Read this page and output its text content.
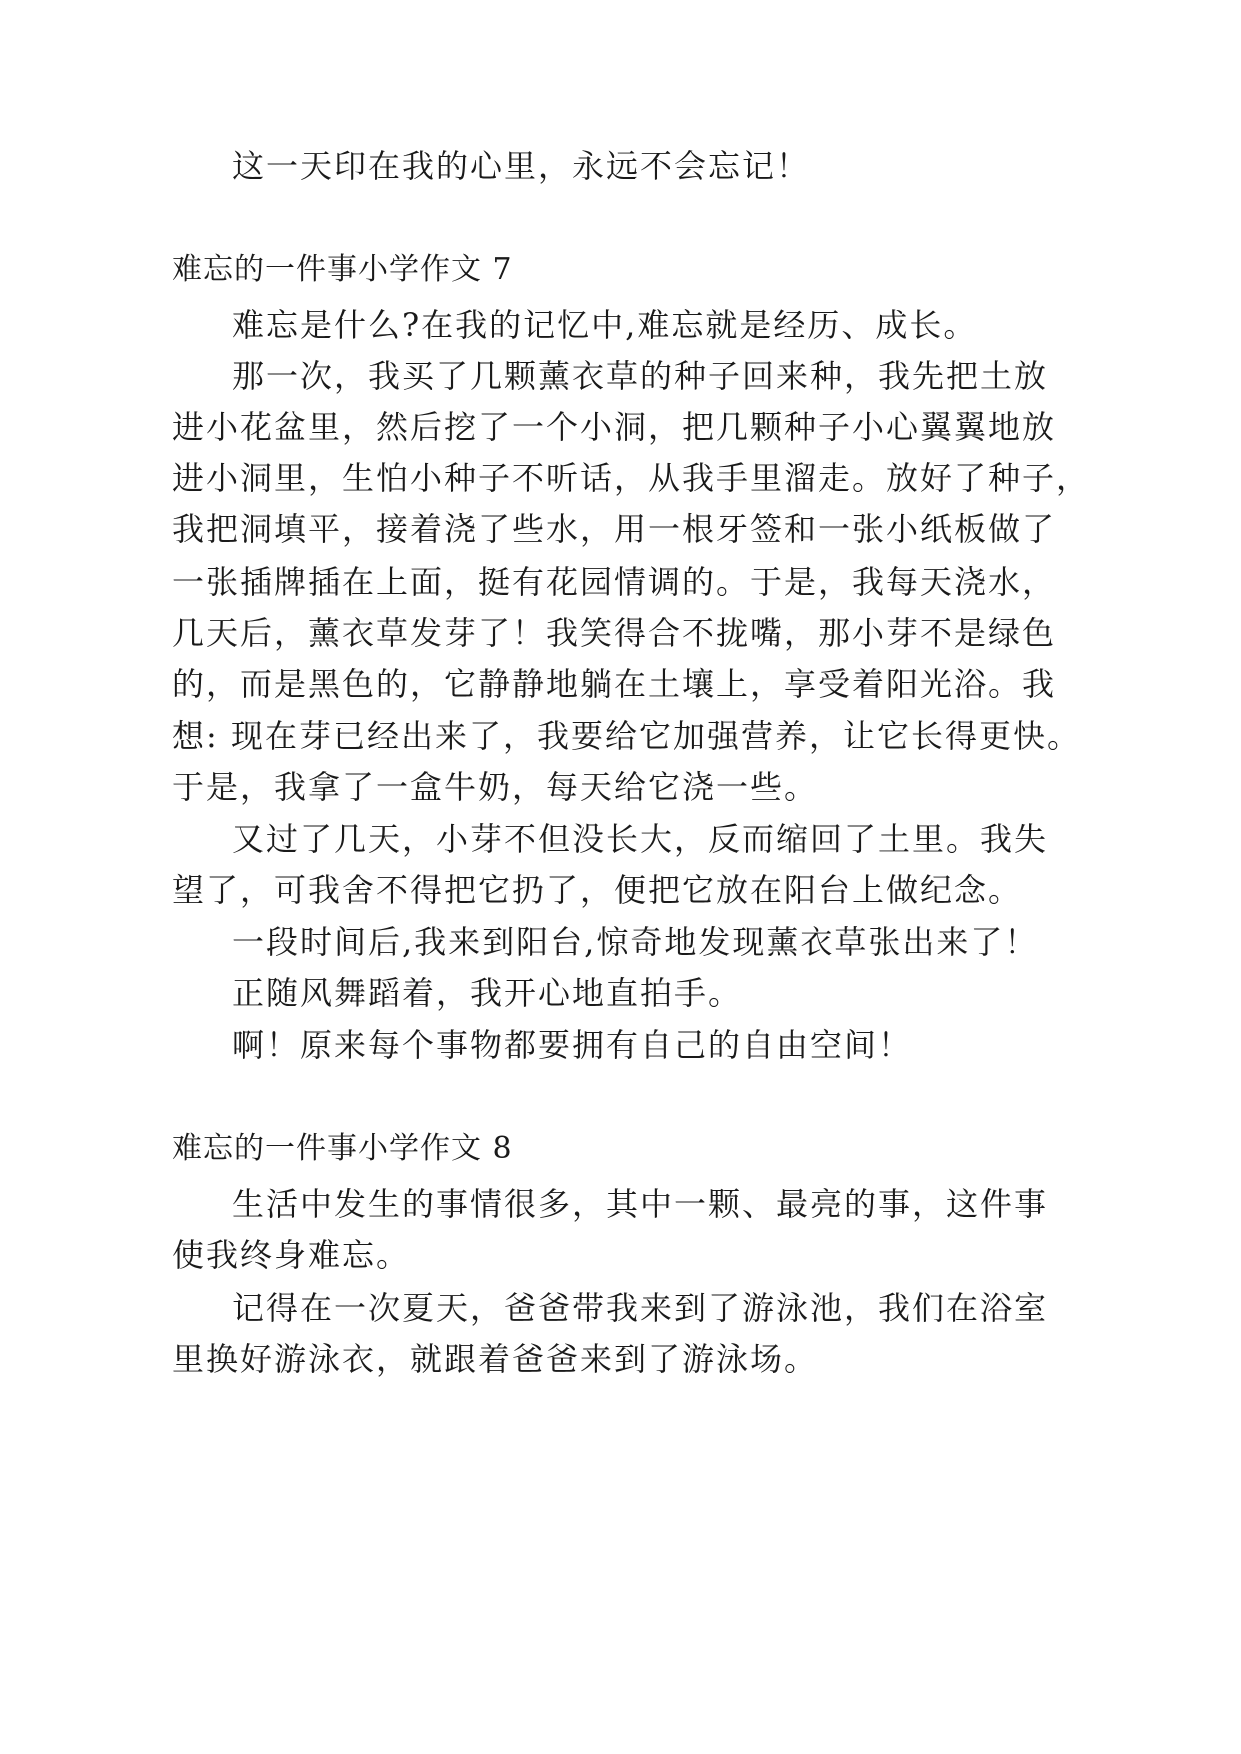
这一天印在我的心里，永远不会忘记！
难忘的一件事小学作文 7
难忘是什么?在我的记忆中,难忘就是经历、成长。
那一次，我买了几颗薰衣草的种子回来种，我先把土放
进小花盆里，然后挖了一个小洞，把几颗种子小心翼翼地放
进小洞里，生怕小种子不听话，从我手里溜走。放好了种子，
我把洞填平，接着浇了些水，用一根牙签和一张小纸板做了
一张插牌插在上面，挺有花园情调的。于是，我每天浇水，
几天后，薰衣草发芽了！我笑得合不拢嘴，那小芽不是绿色
的，而是黑色的，它静静地躺在土壤上，享受着阳光浴。我
想: 现在芽已经出来了，我要给它加强营养，让它长得更快。
于是，我拿了一盒牛奶，每天给它浇一些。
又过了几天，小芽不但没长大，反而缩回了土里。我失
望了，可我舍不得把它扔了，便把它放在阳台上做纪念。
一段时间后,我来到阳台,惊奇地发现薰衣草张出来了！
正随风舞蹈着，我开心地直拍手。
啊！原来每个事物都要拥有自己的自由空间！
难忘的一件事小学作文 8
生活中发生的事情很多，其中一颗、最亮的事，这件事
使我终身难忘。
记得在一次夏天，爸爸带我来到了游泳池，我们在浴室
里换好游泳衣，就跟着爸爸来到了游泳场。
